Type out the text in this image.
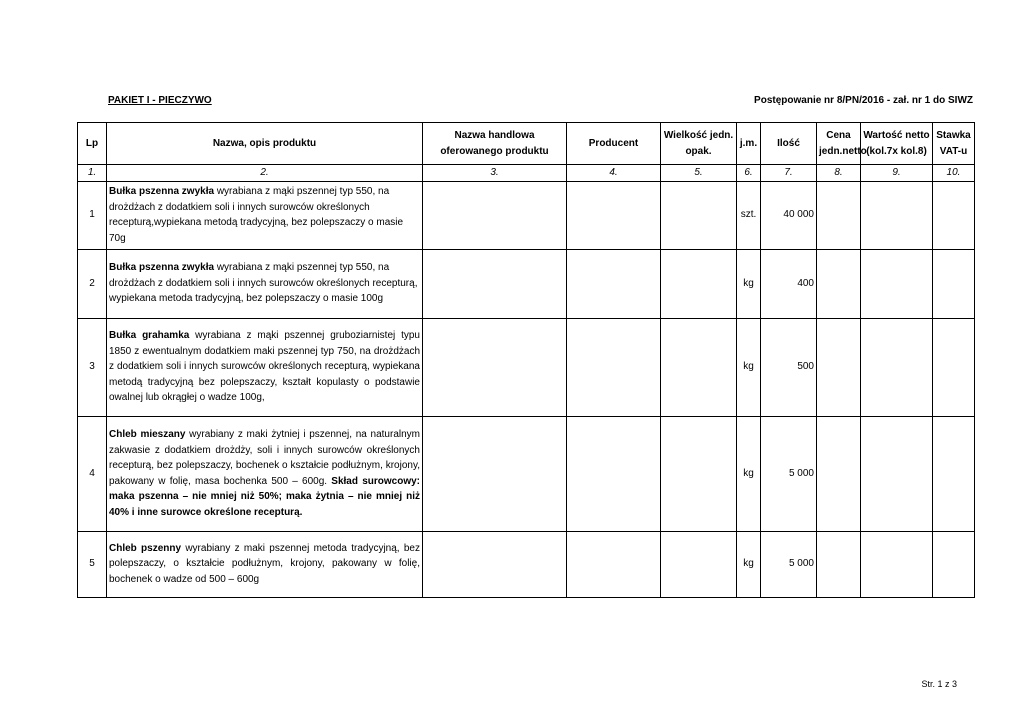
PAKIET I - PIECZYWO	Postępowanie nr 8/PN/2016 - zał. nr 1 do SIWZ
Lp	Nazwa, opis produktu	Nazwa handlowa oferowanego produktu	Producent	Wielkość jedn. opak.	j.m.	Ilość	Cena jedn.netto	Wartość netto (kol.7x kol.8)	Stawka VAT-u
1.	2.	3.	4.	5.	6.	7.	8.	9.	10.
1	Bułka pszenna zwykła wyrabiana z mąki pszennej typ 550, na drożdżach z dodatkiem soli i innych surowców określonych recepturą,wypiekana metodą tradycyjną, bez polepszaczy o masie 70g				szt.	40 000			
2	Bułka pszenna zwykła wyrabiana z mąki pszennej typ 550, na drożdżach z dodatkiem soli i innych surowców określonych recepturą, wypiekana metoda tradycyjną, bez polepszaczy o masie 100g				kg	400			
3	Bułka grahamka wyrabiana z mąki pszennej gruboziarnistej typu 1850 z ewentualnym dodatkiem maki pszennej typ 750, na drożdżach z dodatkiem soli i innych surowców określonych recepturą, wypiekana metodą tradycyjną bez polepszaczy, kształt kopulasty o podstawie owalnej lub okrągłej o wadze 100g,				kg	500			
4	Chleb mieszany wyrabiany z maki żytniej i pszennej, na naturalnym zakwasie z dodatkiem drożdży, soli i innych surowców określonych recepturą, bez polepszaczy, bochenek o kształcie podłużnym, krojony, pakowany w folię, masa bochenka 500 – 600g. Skład surowcowy: maka pszenna – nie mniej niż 50%; maka żytnia – nie mniej niż 40% i inne surowce określone recepturą.				kg	5 000			
5	Chleb pszenny wyrabiany z maki pszennej metoda tradycyjną, bez polepszaczy, o kształcie podłużnym, krojony, pakowany w folię, bochenek o wadze od 500 – 600g				kg	5 000			
Str. 1 z 3
